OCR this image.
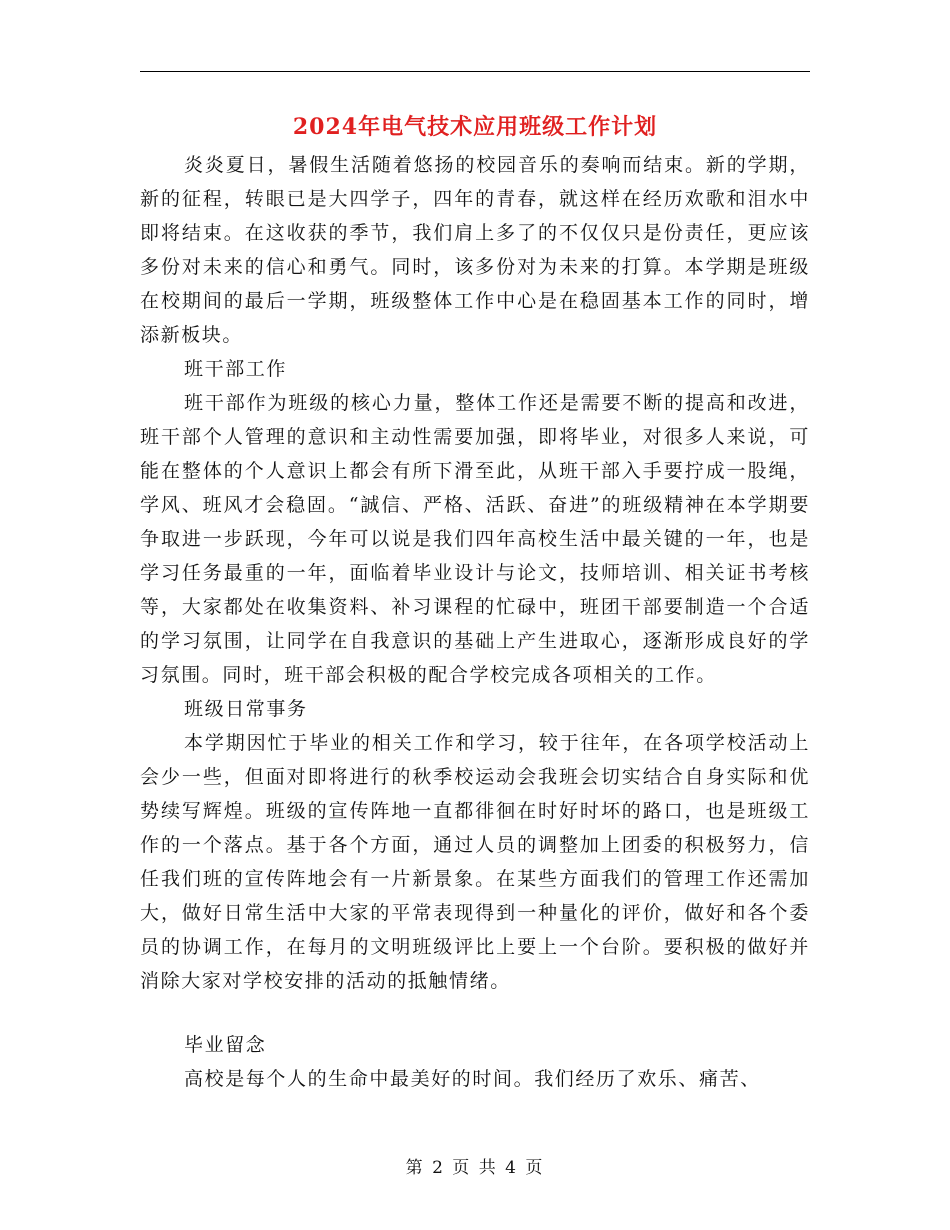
2024年电气技术应用班级工作计划

炎炎夏日，暑假生活随着悠扬的校园音乐的奏响而结束。新的学期，新的征程，转眼已是大四学子，四年的青春，就这样在经历欢歌和泪水中即将结束。在这收获的季节，我们肩上多了的不仅仅只是份责任，更应该多份对未来的信心和勇气。同时，该多份对为未来的打算。本学期是班级在校期间的最后一学期，班级整体工作中心是在稳固基本工作的同时，增添新板块。

班干部工作

班干部作为班级的核心力量，整体工作还是需要不断的提高和改进，班干部个人管理的意识和主动性需要加强，即将毕业，对很多人来说，可能在整体的个人意识上都会有所下滑至此，从班干部入手要拧成一股绳，学风、班风才会稳固。“誠信、严格、活跃、奋进”的班级精神在本学期要争取进一步跃现，今年可以说是我们四年高校生活中最关键的一年，也是学习任务最重的一年，面临着毕业设计与论文，技师培训、相关证书考核等，大家都处在收集资料、补习课程的忙碌中，班团干部要制造一个合适的学习氛围，让同学在自我意识的基础上产生进取心，逐渐形成良好的学习氛围。同时，班干部会积极的配合学校完成各项相关的工作。

班级日常事务

本学期因忙于毕业的相关工作和学习，较于往年，在各项学校活动上会少一些，但面对即将进行的秋季校运动会我班会切实结合自身实际和优势续写辉煌。班级的宣传阵地一直都徘徊在时好时坏的路口，也是班级工作的一个落点。基于各个方面，通过人员的调整加上团委的积极努力，信任我们班的宣传阵地会有一片新景象。在某些方面我们的管理工作还需加大，做好日常生活中大家的平常表现得到一种量化的评价，做好和各个委员的协调工作，在每月的文明班级评比上要上一个台阶。要积极的做好并消除大家对学校安排的活动的抵触情绪。

毕业留念

高校是每个人的生命中最美好的时间。我们经历了欢乐、痛苦、

第 2 页 共 4 页
